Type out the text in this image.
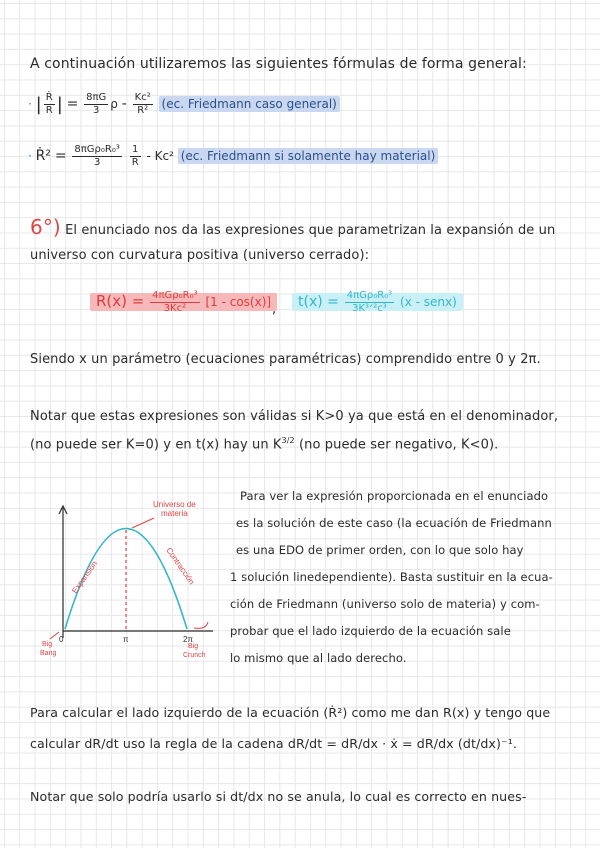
A continuación utilizaremos las siguientes fórmulas de forma general:
· | $\frac{\text{Ṙ}}{R}$ | = $\frac{8\pi G}{3}$ ρ - $\frac{\text{Kc²}}{\text{R²}} (ec$. Friedmann caso general)
· Ṙ² = $\frac{\text{8πGρ₀R₀³}}{3}$
$\frac{1}{R} - Kc^2$ (ec. Friedmann si solamente hay material)
6°) El enunciado nos da las expresiones que parametrizan la expansión de un
universo con curvatura positiva (universo cerrado):
$R(x) = \frac{\text{4πGρ₀R₀³}}{\text{3Kc²}} [1 - \cos(x)]$ ,	$t(x) = \frac{\text{4πGρ₀R₀³}}{\text{3K³ᐟ²c³}} (x$ - senx)
Siendo x un parámetro (ecuaciones paramétricas) comprendido entre 0 y 2π.
Notar que estas expresiones son válidas si K>0 ya que está en el denominador,
(no puede ser K=0) y en t(x) hay un $K^{3/2}$ (no puede ser negativo, K<0).
Universo de
materia
Expansión	Contracción
0	π	2π
Big
Bang
Big
Crunch
Para ver la expresión proporcionada en el enunciado
es la solución de este caso (la ecuación de Friedmann
es una EDO de primer orden, con lo que solo hay
1 solución linedependiente). Basta sustituir en la ecua-
ción de Friedmann (universo solo de materia) y com-
probar que el lado izquierdo de la ecuación sale
lo mismo que al lado derecho.
Para calcular el lado izquierdo de la ecuación (Ṙ²) como me dan R(x) y tengo que
calcular dR/dt uso la regla de la cadena dR/dt = dR/dx · ẋ = dR/dx (dt/dx)⁻¹.
Notar que solo podría usarlo si dt/dx no se anula, lo cual es correcto en nues-
